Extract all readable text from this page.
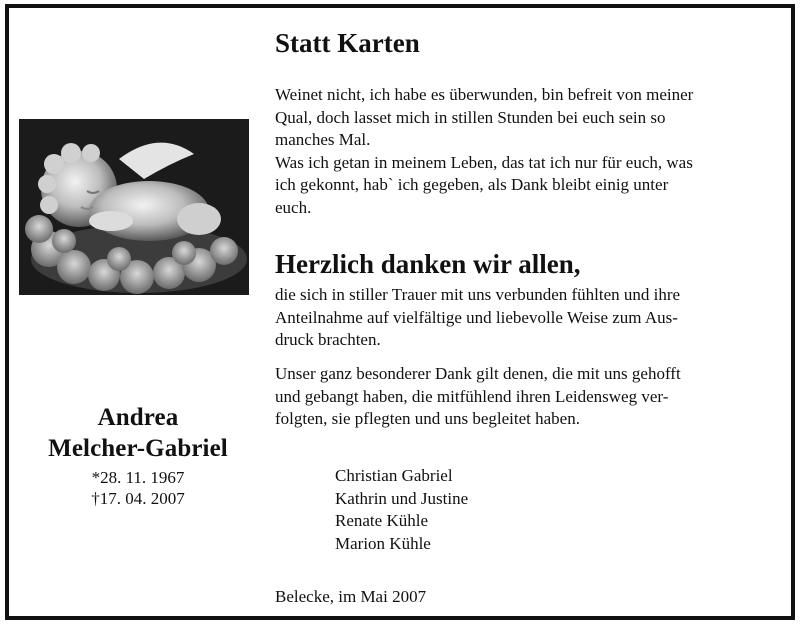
Andrea
Melcher-Gabriel
*28. 11. 1967
†17. 04. 2007
Statt Karten
Weinet nicht, ich habe es überwunden, bin befreit von meiner
Qual, doch lasset mich in stillen Stunden bei euch sein so
manches Mal.
Was ich getan in meinem Leben, das tat ich nur für euch, was
ich gekonnt, hab` ich gegeben, als Dank bleibt einig unter
euch.
Herzlich danken wir allen,
die sich in stiller Trauer mit uns verbunden fühlten und ihre
Anteilnahme auf vielfältige und liebevolle Weise zum Aus-
druck brachten.
Unser ganz besonderer Dank gilt denen, die mit uns gehofft
und gebangt haben, die mitfühlend ihren Leidensweg ver-
folgten, sie pflegten und uns begleitet haben.
Christian Gabriel
Kathrin und Justine
Renate Kühle
Marion Kühle
Belecke, im Mai 2007
